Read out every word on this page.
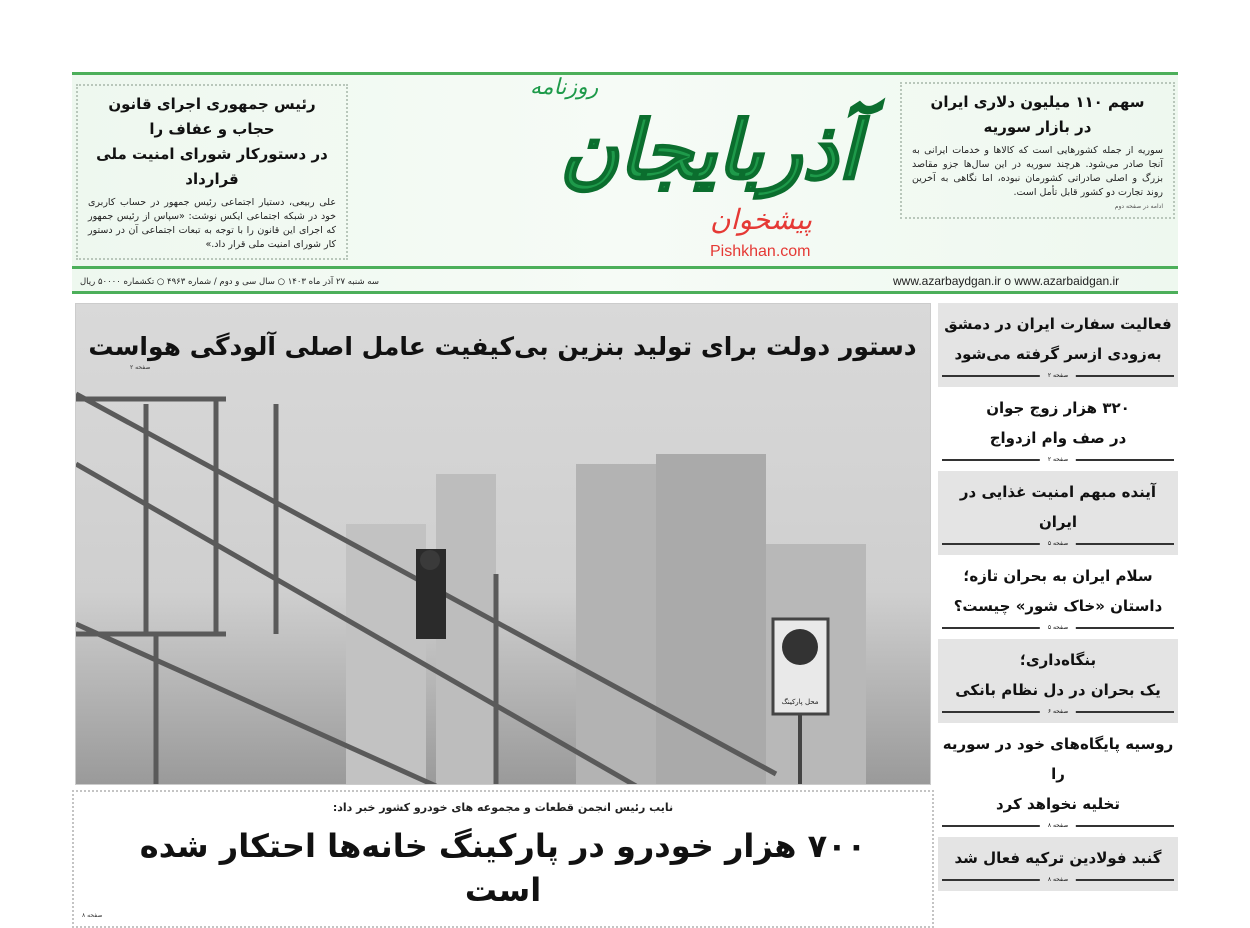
رئیس جمهوری اجرای قانون حجاب و عفاف را
در دستورکار شورای امنیت ملی قرارداد

علی ربیعی، دستیار اجتماعی رئیس جمهور در حساب کاربری خود در شبکه اجتماعی ایکس نوشت: «سپاس از رئیس جمهور که اجرای این قانون را با توجه به تبعات اجتماعی آن در دستور کار شورای امنیت ملی قرار داد.»

روزنامه
آذربایجان
پیشخوان
Pishkhan.com
سهم ۱۱۰ میلیون دلاری ایران
در بازار سوریه

سوریه از جمله کشورهایی است که کالاها و خدمات ایرانی به آنجا صادر می‌شود. هرچند سوریه در این سال‌ها جزو مقاصد بزرگ و اصلی صادراتی کشورمان نبوده، اما نگاهی به آخرین روند تجارت دو کشور قابل تأمل است.

ادامه در صفحه دوم
سه شنبه ۲۷ آذر ماه ۱۴۰۳ ○ سال سی و دوم / شماره ۴۹۶۳ ○ تکشماره ۵۰۰۰۰ ریال	www.azarbaydgan.ir o www.azarbaidgan.ir
محل پارکینگ
دستور دولت برای تولید بنزین بی‌کیفیت عامل اصلی آلودگی هواست
صفحه ۲
نایب رئیس انجمن قطعات و مجموعه های خودرو کشور خبر داد:
۷۰۰ هزار خودرو در پارکینگ خانه‌ها احتکار شده است
صفحه ۸
فعالیت سفارت ایران در دمشق
به‌زودی ازسر گرفته می‌شود
صفحه ۲
۳۲۰ هزار زوج جوان
در صف وام ازدواج
صفحه ۲
آینده مبهم امنیت غذایی در ایران
صفحه ۵
سلام ایران به بحران تازه؛
داستان «خاک شور» چیست؟
صفحه ۵
بنگاه‌داری؛
یک بحران در دل نظام بانکی
صفحه ۶
روسیه پایگاه‌های خود در سوریه را
تخلیه نخواهد کرد
صفحه ۸
گنبد فولادین ترکیه فعال شد
صفحه ۸
